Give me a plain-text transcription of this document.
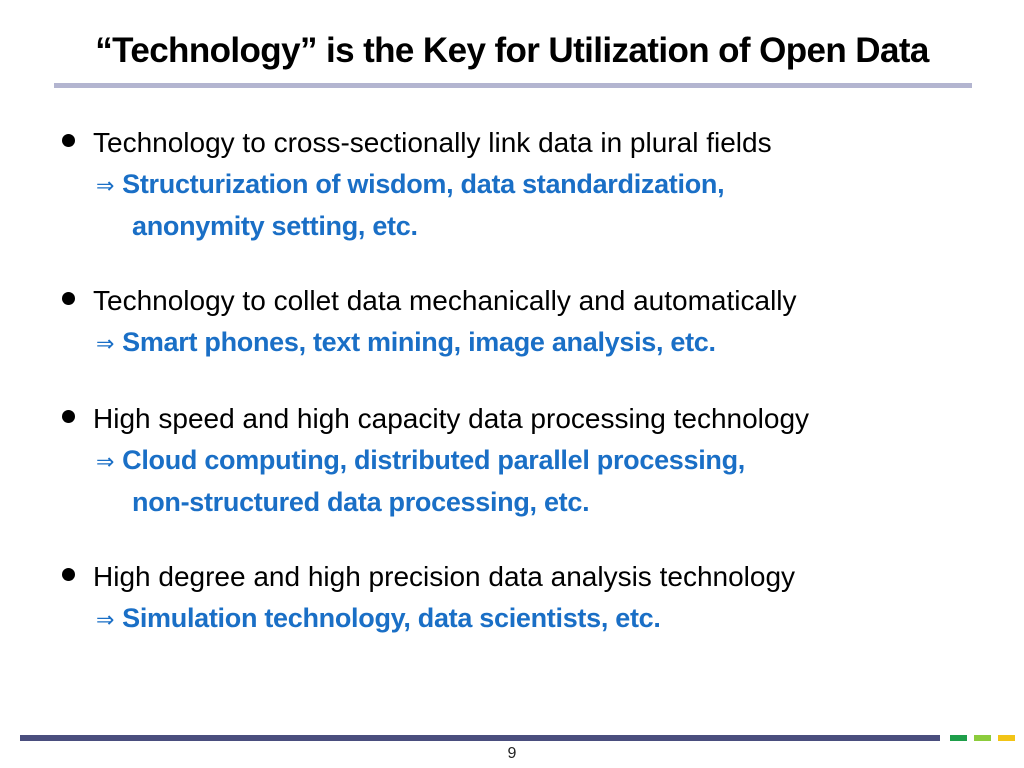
“Technology” is the Key for Utilization of Open Data
Technology to cross-sectionally link data in plural fields
⇒ Structurization of wisdom, data standardization,
anonymity setting, etc.
Technology to collet data mechanically and automatically
⇒ Smart phones, text mining, image analysis, etc.
High speed and high capacity data processing technology
⇒ Cloud computing, distributed parallel processing,
non-structured data processing, etc.
High degree and high precision data analysis technology
⇒ Simulation technology, data scientists, etc.
9
